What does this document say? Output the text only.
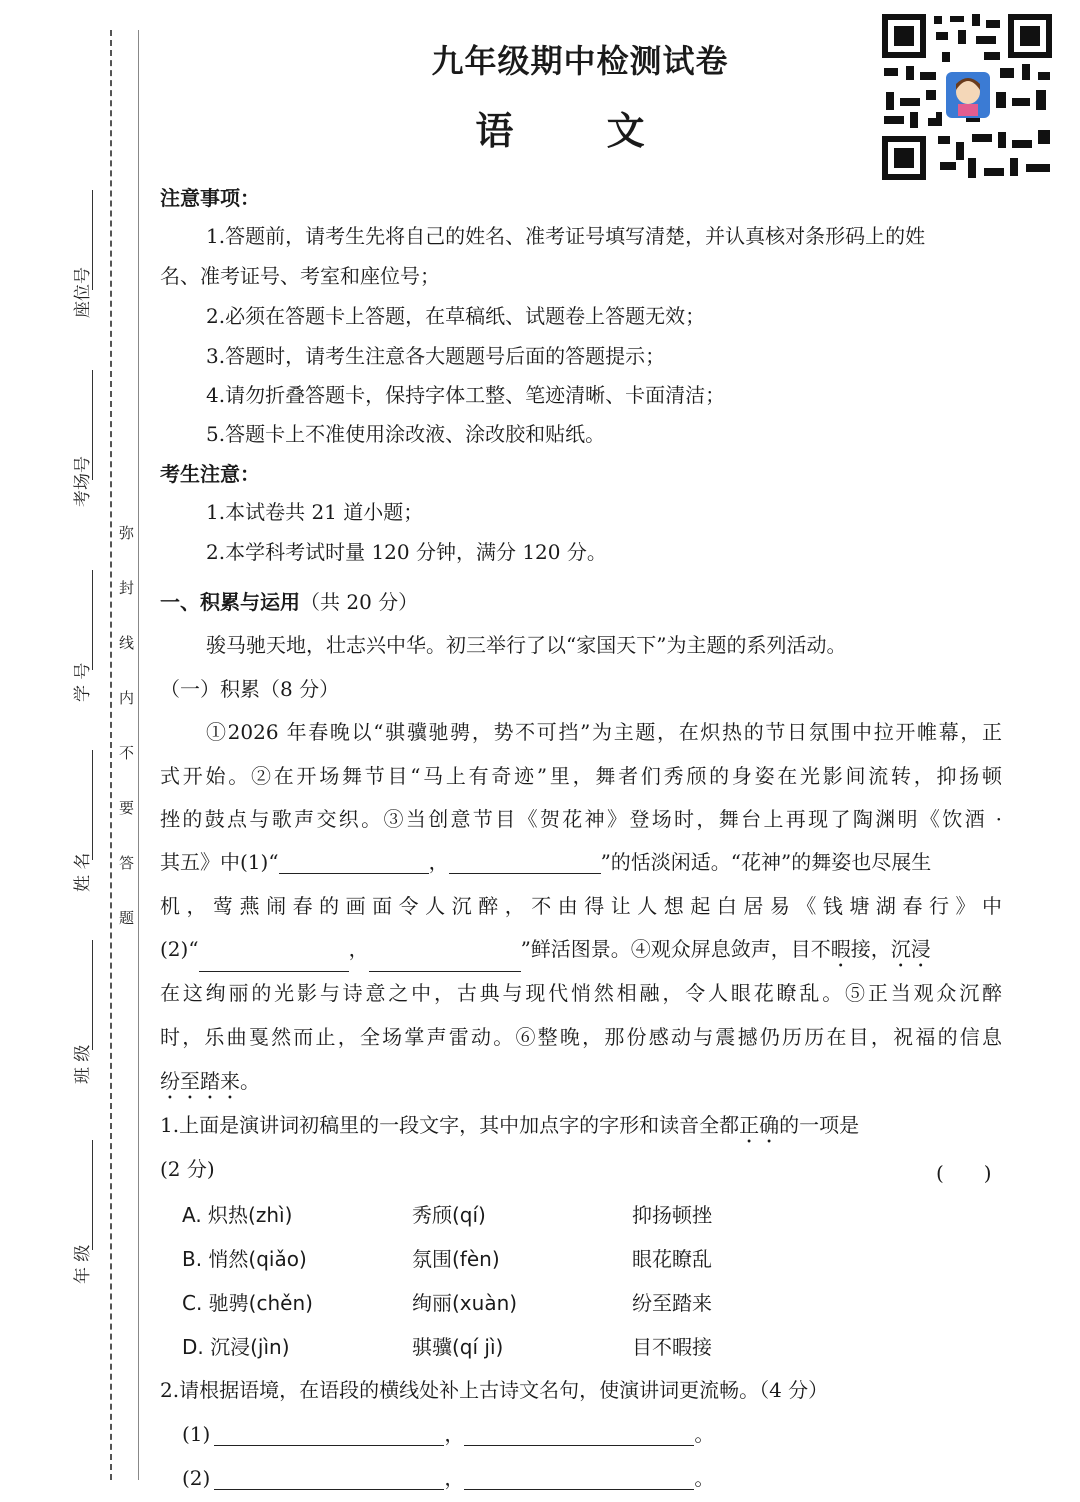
座位号
考场号
学 号
姓 名
班 级
年 级
弥封线内不要答题
九年级期中检测试卷
语 文
注意事项：
1.答题前，请考生先将自己的姓名、准考证号填写清楚，并认真核对条形码上的姓
名、准考证号、考室和座位号；
2.必须在答题卡上答题，在草稿纸、试题卷上答题无效；
3.答题时，请考生注意各大题题号后面的答题提示；
4.请勿折叠答题卡，保持字体工整、笔迹清晰、卡面清洁；
5.答题卡上不准使用涂改液、涂改胶和贴纸。
考生注意：
1.本试卷共 21 道小题；
2.本学科考试时量 120 分钟，满分 120 分。
一、积累与运用（共 20 分）
骏马驰天地，壮志兴中华。初三举行了以“家国天下”为主题的系列活动。
（一）积累（8 分）
①2026 年春晚以“骐骥驰骋，势不可挡”为主题，在炽热的节日氛围中拉开帷幕，正
式开始。②在开场舞节目“马上有奇迹”里，舞者们秀颀的身姿在光影间流转，抑扬顿
挫的鼓点与歌声交织。③当创意节目《贺花神》登场时，舞台上再现了陶渊明《饮酒 ·
其五》中(1)“	，	”的恬淡闲适。“花神”的舞姿也尽展生
机，莺燕闹春的画面令人沉醉，不由得让人想起白居易《钱塘湖春行》中
(2)“	，	”鲜活图景。④观众屏息敛声，目不暇接，沉浸
在这绚丽的光影与诗意之中，古典与现代悄然相融，令人眼花瞭乱。⑤正当观众沉醉
时，乐曲戛然而止，全场掌声雷动。⑥整晚，那份感动与震撼仍历历在目，祝福的信息
纷至踏来。
1.上面是演讲词初稿里的一段文字，其中加点字的字形和读音全都正确的一项是
(2 分)	(　　)
A. 炽热(zhì)	秀颀(qí)	抑扬顿挫
B. 悄然(qiǎo)	氛围(fèn)	眼花瞭乱
C. 驰骋(chěn)	绚丽(xuàn)	纷至踏来
D. 沉浸(jìn)	骐骥(qí jì)	目不暇接
2.请根据语境，在语段的横线处补上古诗文名句，使演讲词更流畅。（4 分）
(1)	，	。
(2)	，	。
